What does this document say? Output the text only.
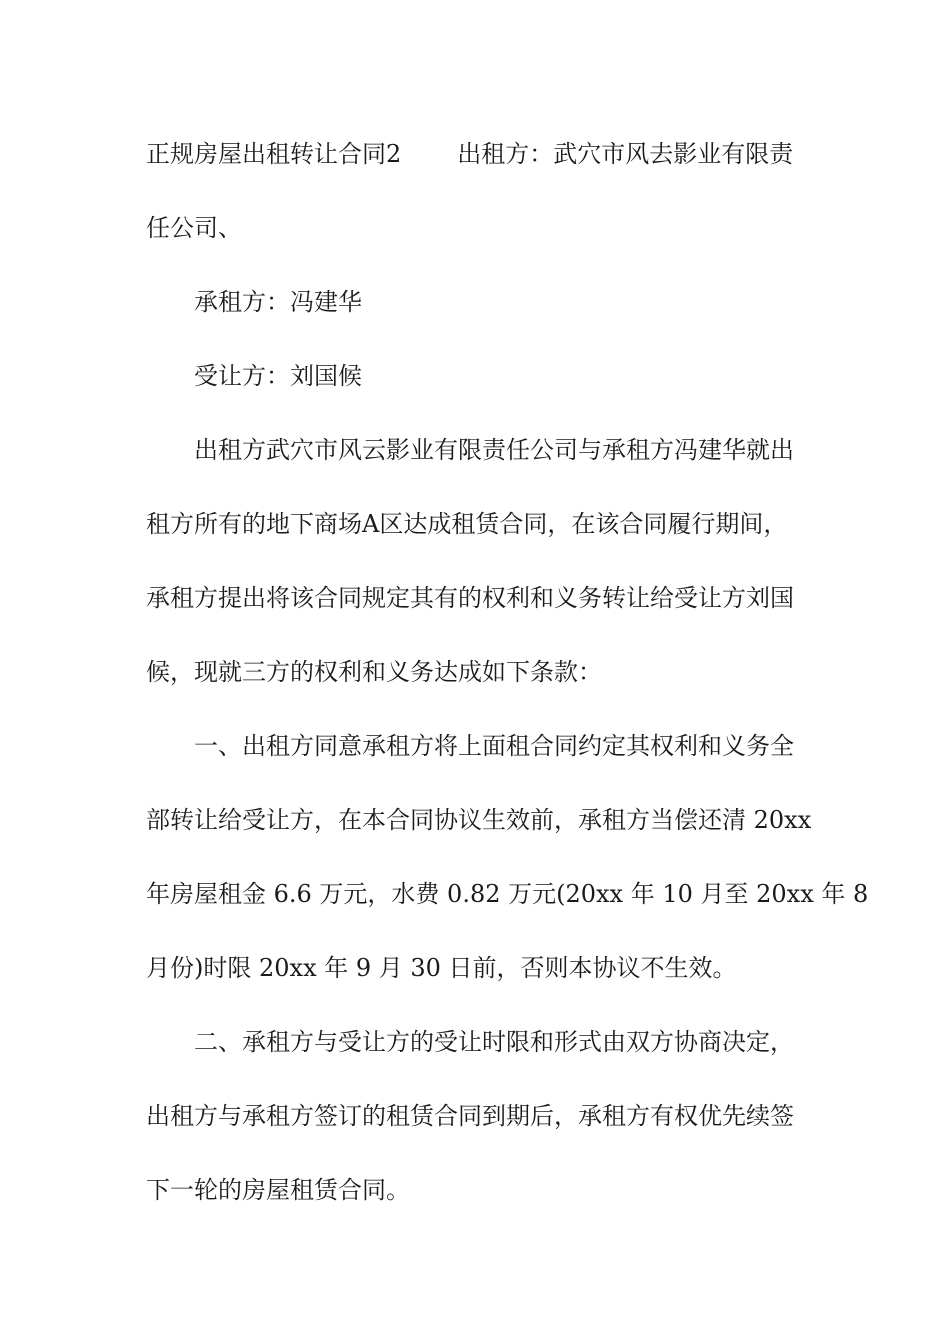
正规房屋出租转让合同2 出租方：武穴市风去影业有限责
任公司、
承租方：冯建华
受让方：刘国候
出租方武穴市风云影业有限责任公司与承租方冯建华就出
租方所有的地下商场A区达成租赁合同，在该合同履行期间，
承租方提出将该合同规定其有的权利和义务转让给受让方刘国
候，现就三方的权利和义务达成如下条款：
一、出租方同意承租方将上面租合同约定其权利和义务全
部转让给受让方，在本合同协议生效前，承租方当偿还清 20xx
年房屋租金 6.6 万元，水费 0.82 万元(20xx 年 10 月至 20xx 年 8
月份)时限 20xx 年 9 月 30 日前，否则本协议不生效。
二、承租方与受让方的受让时限和形式由双方协商决定，
出租方与承租方签订的租赁合同到期后，承租方有权优先续签
下一轮的房屋租赁合同。
